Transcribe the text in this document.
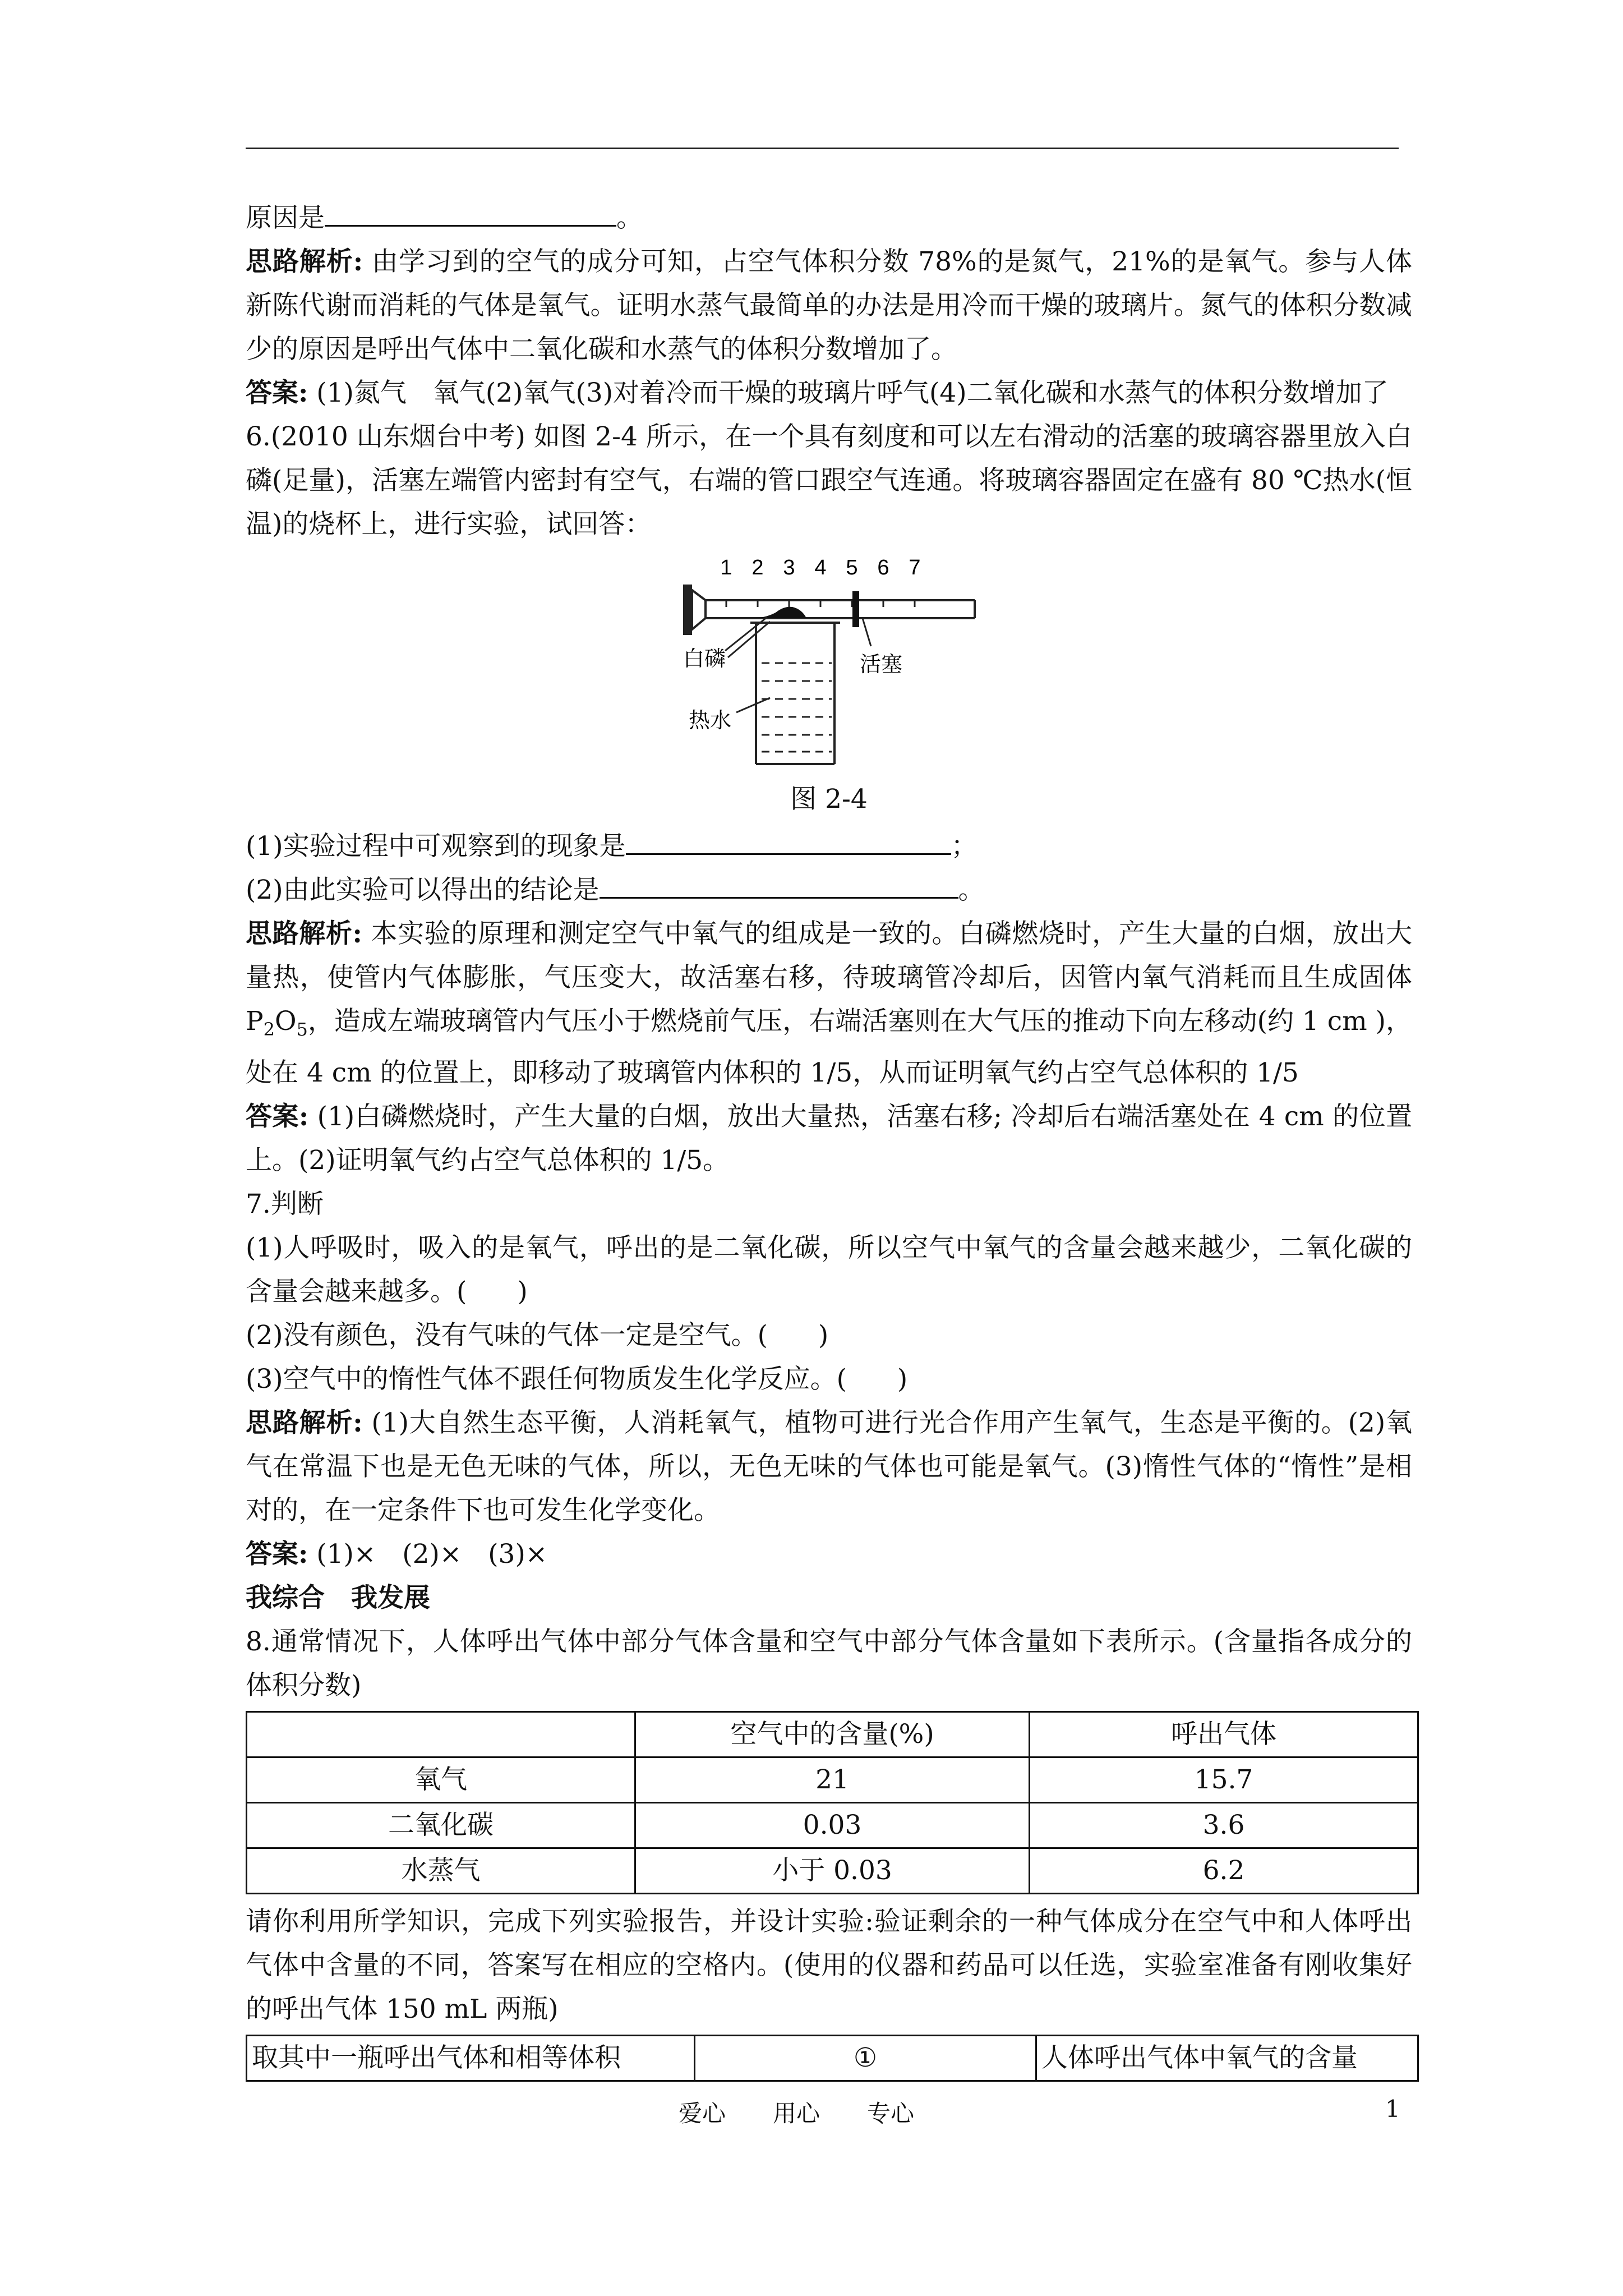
原因是	。

思路解析: 由学习到的空气的成分可知，占空气体积分数 78%的是氮气，21%的是氧气。参与人体新陈代谢而消耗的气体是氧气。证明水蒸气最简单的办法是用冷而干燥的玻璃片。氮气的体积分数减少的原因是呼出气体中二氧化碳和水蒸气的体积分数增加了。

答案: (1)氮气　氧气(2)氧气(3)对着冷而干燥的玻璃片呼气(4)二氧化碳和水蒸气的体积分数增加了

6.(2010 山东烟台中考) 如图 2-4 所示，在一个具有刻度和可以左右滑动的活塞的玻璃容器里放入白磷(足量)，活塞左端管内密封有空气，右端的管口跟空气连通。将玻璃容器固定在盛有 80 ℃热水(恒温)的烧杯上，进行实验，试回答：

1 2 3 4 5 6 7
白磷	活塞
热水
图 2-4

(1)实验过程中可观察到的现象是	；

(2)由此实验可以得出的结论是	。

思路解析: 本实验的原理和测定空气中氧气的组成是一致的。白磷燃烧时，产生大量的白烟，放出大量热，使管内气体膨胀，气压变大，故活塞右移，待玻璃管冷却后，因管内氧气消耗而且生成固体 $P_2O_5$，造成左端玻璃管内气压小于燃烧前气压，右端活塞则在大气压的推动下向左移动(约 1 cm )，处在 4 cm 的位置上，即移动了玻璃管内体积的 1/5，从而证明氧气约占空气总体积的 1/5

答案: (1)白磷燃烧时，产生大量的白烟，放出大量热，活塞右移; 冷却后右端活塞处在 4 cm 的位置上。(2)证明氧气约占空气总体积的 1/5。

7.判断

(1)人呼吸时，吸入的是氧气，呼出的是二氧化碳，所以空气中氧气的含量会越来越少，二氧化碳的含量会越来越多。( )

(2)没有颜色，没有气味的气体一定是空气。( )

(3)空气中的惰性气体不跟任何物质发生化学反应。( )

思路解析: (1)大自然生态平衡，人消耗氧气，植物可进行光合作用产生氧气，生态是平衡的。(2)氧气在常温下也是无色无味的气体，所以，无色无味的气体也可能是氧气。(3)惰性气体的“惰性”是相对的，在一定条件下也可发生化学变化。

答案: (1)×　(2)×　(3)×

我综合　我发展

8.通常情况下，人体呼出气体中部分气体含量和空气中部分气体含量如下表所示。(含量指各成分的体积分数)

	空气中的含量(%)	呼出气体
氧气	21	15.7
二氧化碳	0.03	3.6
水蒸气	小于 0.03	6.2

请你利用所学知识，完成下列实验报告，并设计实验:验证剩余的一种气体成分在空气中和人体呼出气体中含量的不同，答案写在相应的空格内。(使用的仪器和药品可以任选，实验室准备有刚收集好的呼出气体 150 mL 两瓶)

取其中一瓶呼出气体和相等体积	①	人体呼出气体中氧气的含量
爱心　　用心　　专心	1
